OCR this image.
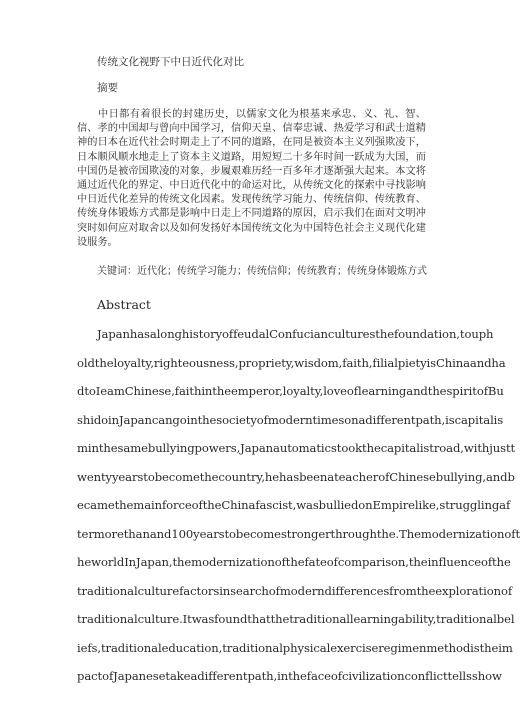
传统文化视野下中日近代化对比
摘要

中日都有着很长的封建历史，以儒家文化为根基来承忠、义、礼、智、信、孝的中国却与曾向中国学习，信仰天皇、信奉忠诚、热爱学习和武士道精神的日本在近代社会时期走上了不同的道路，在同是被资本主义列强欺凌下，日本顺风顺水地走上了资本主义道路，用短短二十多年时间一跃成为大国，而中国仍是被帝国欺凌的对象，步履艰难历经一百多年才逐渐强大起来。本文将通过近代化的界定、中日近代化中的命运对比，从传统文化的探索中寻找影响中日近代化差异的传统文化因素。发现传统学习能力、传统信仰、传统教育、传统身体锻炼方式都是影响中日走上不同道路的原因，启示我们在面对文明冲突时如何应对取舍以及如何发扬好本国传统文化为中国特色社会主义现代化建设服务。

关键词：近代化；传统学习能力；传统信仰；传统教育；传统身体锻炼方式
Abstract
JapanhasalonghistoryoffeudalConfucianculturesthefoundation,touph
oldtheloyalty,righteousness,propriety,wisdom,faith,filialpietyisChinaandha
dtoIeamChinese,faithintheemperor,loyalty,loveoflearningandthespiritofBu
shidoinJapancangointhesocietyofmoderntimesonadifferentpath,iscapitalis
minthesamebullyingpowers,Japanautomaticstookthecapitalistroad,withjustt
wentyyearstobecomethecountry,hehasbeenateacherofChinesebullying,andb
ecamethemainforceoftheChinafascist,wasbulliedonEmpirelike,strugglingaf
termorethanand100yearstobecomestrongerthroughthe.Themodernizationoft
heworldInJapan,themodernizationofthefateofcomparison,theinfluenceofthe
traditionalculturefactorsinsearchofmoderndifferencesfromtheexplorationof
traditionalculture.Itwasfoundthatthetraditionallearningability,traditionalbel
iefs,traditionaleducation,traditionalphysicalexerciseregimenmethodistheim
pactofJapanesetakeadifferentpath,inthefaceofcivilizationconflicttellsshow
